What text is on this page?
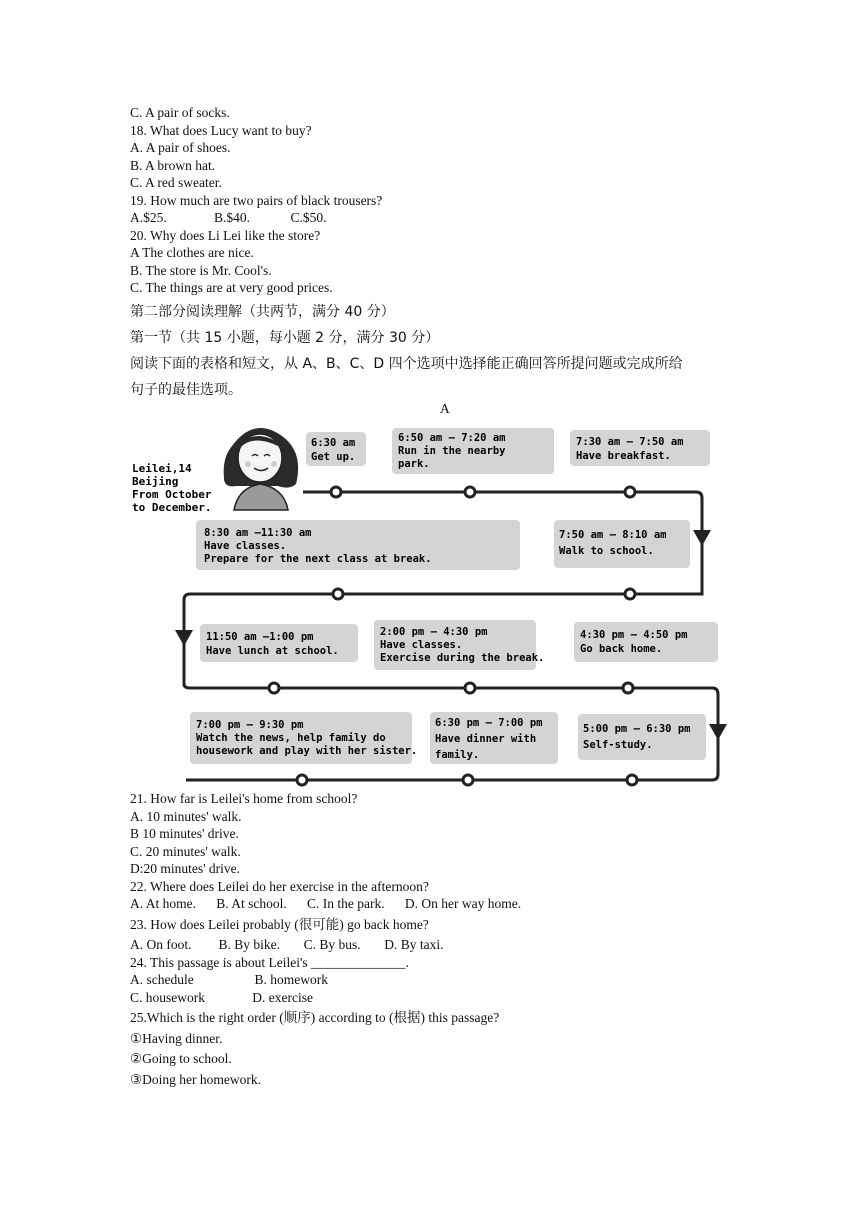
C. A pair of socks.
18. What does Lucy want to buy?
A. A pair of shoes.
B. A brown hat.
C. A red sweater.
19. How much are two pairs of black trousers?
A.$25.              B.$40.            C.$50.
20. Why does Li Lei like the store?
A The clothes are nice.
B. The store is Mr. Cool's.
C. The things are at very good prices.
第二部分阅读理解（共两节，满分 40 分）
第一节（共 15 小题，每小题 2 分，满分 30 分）
阅读下面的表格和短文，从 A、B、C、D 四个选项中选择能正确回答所提问题或完成所给
句子的最佳选项。
A
Leilei,14
Beijing
From October
to December.
6:30 am
Get up.
6:50 am – 7:20 am
Run in the nearby
park.
7:30 am – 7:50 am
Have breakfast.
8:30 am –11:30 am
Have classes.
Prepare for the next class at break.
7:50 am – 8:10 am
Walk to school.
11:50 am –1:00 pm
Have lunch at school.
2:00 pm – 4:30 pm
Have classes.
Exercise during the break.
4:30 pm – 4:50 pm
Go back home.
7:00 pm – 9:30 pm
Watch the news, help family do
housework and play with her sister.
6:30 pm – 7:00 pm
Have dinner with
family.
5:00 pm – 6:30 pm
Self-study.
21. How far is Leilei's home from school?
A. 10 minutes' walk.
B 10 minutes' drive.
C. 20 minutes' walk.
D:20 minutes' drive.
22. Where does Leilei do her exercise in the afternoon?
A. At home.      B. At school.      C. In the park.      D. On her way home.
23. How does Leilei probably (很可能) go back home?
A. On foot.        B. By bike.       C. By bus.       D. By taxi.
24. This passage is about Leilei's ______________.
A. schedule                  B. homework
C. housework              D. exercise
25.Which is the right order (顺序) according to (根据) this passage?
①Having dinner.
②Going to school.
③Doing her homework.
